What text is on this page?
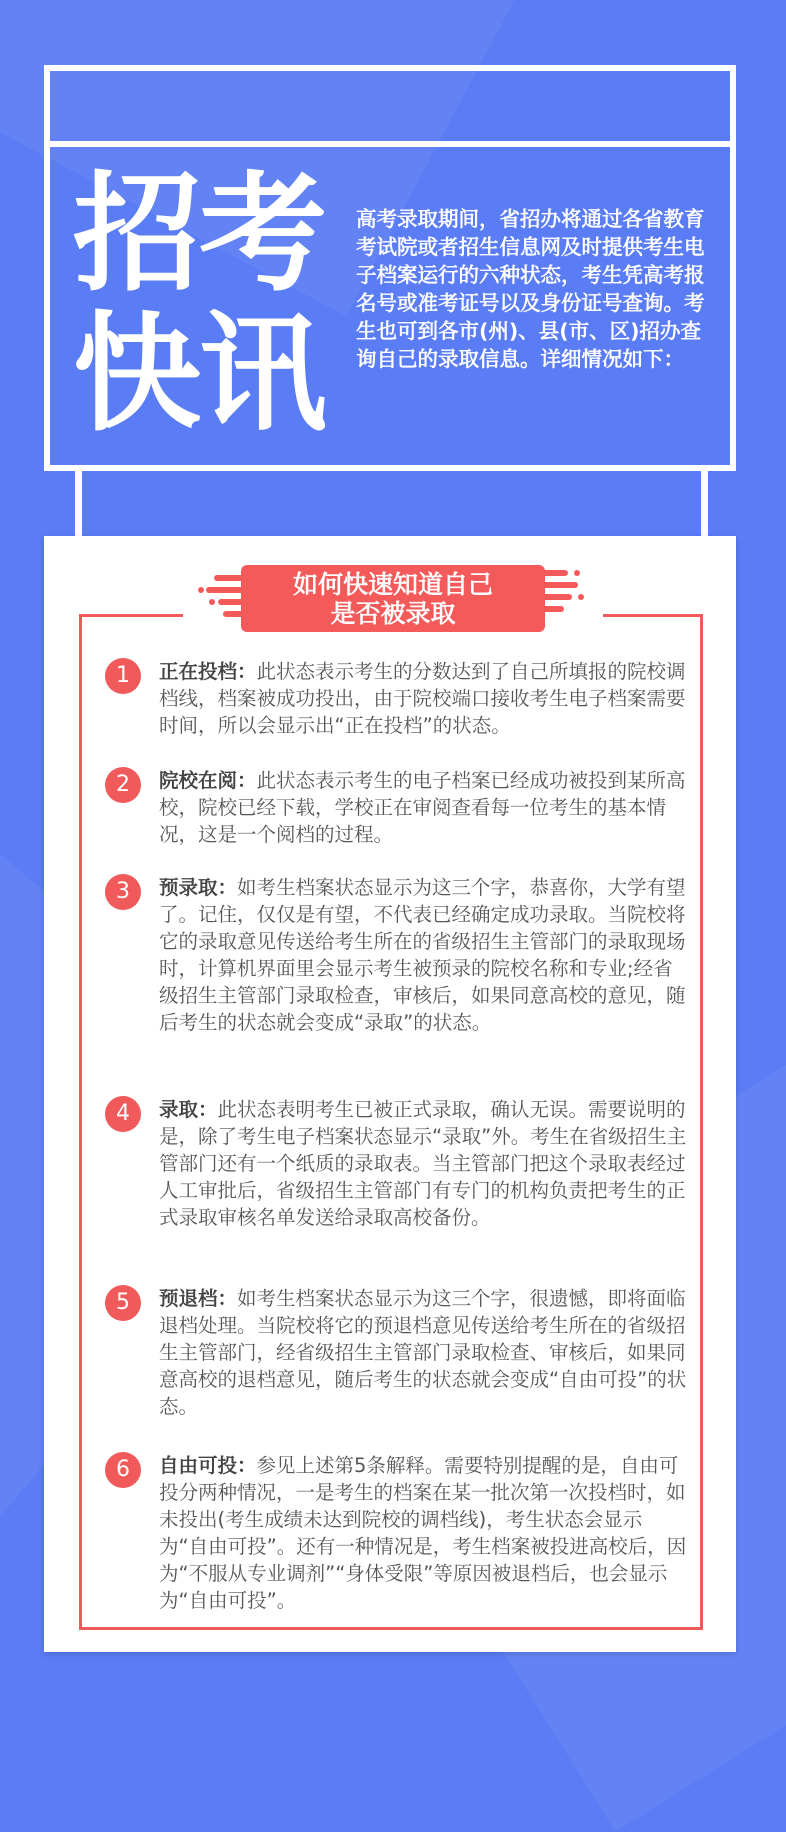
招考
快讯
高考录取期间，省招办将通过各省教育考试院或者招生信息网及时提供考生电子档案运行的六种状态，考生凭高考报名号或准考证号以及身份证号查询。考生也可到各市(州)、县(市、区)招办查询自己的录取信息。详细情况如下：
如何快速知道自己
是否被录取
1	正在投档：此状态表示考生的分数达到了自己所填报的院校调档线，档案被成功投出，由于院校端口接收考生电子档案需要时间，所以会显示出“正在投档”的状态。
2	院校在阅：此状态表示考生的电子档案已经成功被投到某所高校，院校已经下载，学校正在审阅查看每一位考生的基本情况，这是一个阅档的过程。
3	预录取：如考生档案状态显示为这三个字，恭喜你，大学有望了。记住，仅仅是有望，不代表已经确定成功录取。当院校将它的录取意见传送给考生所在的省级招生主管部门的录取现场时，计算机界面里会显示考生被预录的院校名称和专业;经省级招生主管部门录取检查，审核后，如果同意高校的意见，随后考生的状态就会变成“录取”的状态。
4	录取：此状态表明考生已被正式录取，确认无误。需要说明的是，除了考生电子档案状态显示“录取”外。考生在省级招生主管部门还有一个纸质的录取表。当主管部门把这个录取表经过人工审批后，省级招生主管部门有专门的机构负责把考生的正式录取审核名单发送给录取高校备份。
5	预退档：如考生档案状态显示为这三个字，很遗憾，即将面临退档处理。当院校将它的预退档意见传送给考生所在的省级招生主管部门，经省级招生主管部门录取检查、审核后，如果同意高校的退档意见，随后考生的状态就会变成“自由可投”的状态。
6	自由可投：参见上述第5条解释。需要特别提醒的是，自由可投分两种情况，一是考生的档案在某一批次第一次投档时，如未投出(考生成绩未达到院校的调档线)，考生状态会显示为“自由可投”。还有一种情况是，考生档案被投进高校后，因为“不服从专业调剂”“身体受限”等原因被退档后，也会显示为“自由可投”。
